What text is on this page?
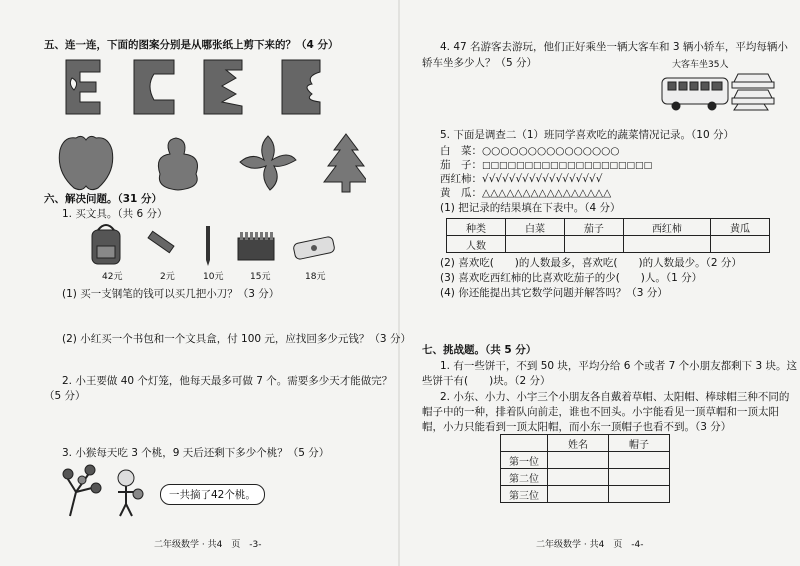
五、连一连，下面的图案分别是从哪张纸上剪下来的？（4 分）
六、解决问题。（31 分）
1. 买文具。（共 6 分）
42元	2元	10元	15元	18元
(1) 买一支钢笔的钱可以买几把小刀？（3 分）
(2) 小红买一个书包和一个文具盒，付 100 元，应找回多少元钱？（3 分）
2. 小王要做 40 个灯笼，他每天最多可做 7 个。需要多少天才能做完？
（5 分）
3. 小猴每天吃 3 个桃，9 天后还剩下多少个桃？（5 分）
一共摘了42个桃。
二年级数学 · 共4　页　-3-
4. 47 名游客去游玩，他们正好乘坐一辆大客车和 3 辆小轿车，平均每辆小
轿车坐多少人？（5 分）	大客车坐35人
5. 下面是调查二（1）班同学喜欢吃的蔬菜情况记录。（10 分）
白　菜：○○○○○○○○○○○○○○○
茄　子：□□□□□□□□□□□□□□□□□□□□
西红柿：√√√√√√√√√√√√√√√√√√
黄　瓜：△△△△△△△△△△△△△△△△
(1) 把记录的结果填在下表中。（4 分）
种类	白菜	茄子	西红柿	黄瓜
人数				
(2) 喜欢吃(　　)的人数最多，喜欢吃(　　)的人数最少。（2 分）
(3) 喜欢吃西红柿的比喜欢吃茄子的少(　　)人。（1 分）
(4) 你还能提出其它数学问题并解答吗？（3 分）
七、挑战题。（共 5 分）
1. 有一些饼干，不到 50 块，平均分给 6 个或者 7 个小朋友都剩下 3 块。这
些饼干有(　　)块。（2 分）
2. 小东、小力、小宇三个小朋友各自戴着草帽、太阳帽、棒球帽三种不同的
帽子中的一种，排着队向前走，谁也不回头。小宇能看见一顶草帽和一顶太阳
帽，小力只能看到一顶太阳帽，而小东一顶帽子也看不到。（3 分）
	姓名	帽子
第一位		
第二位		
第三位		
二年级数学 · 共4　页　-4-
